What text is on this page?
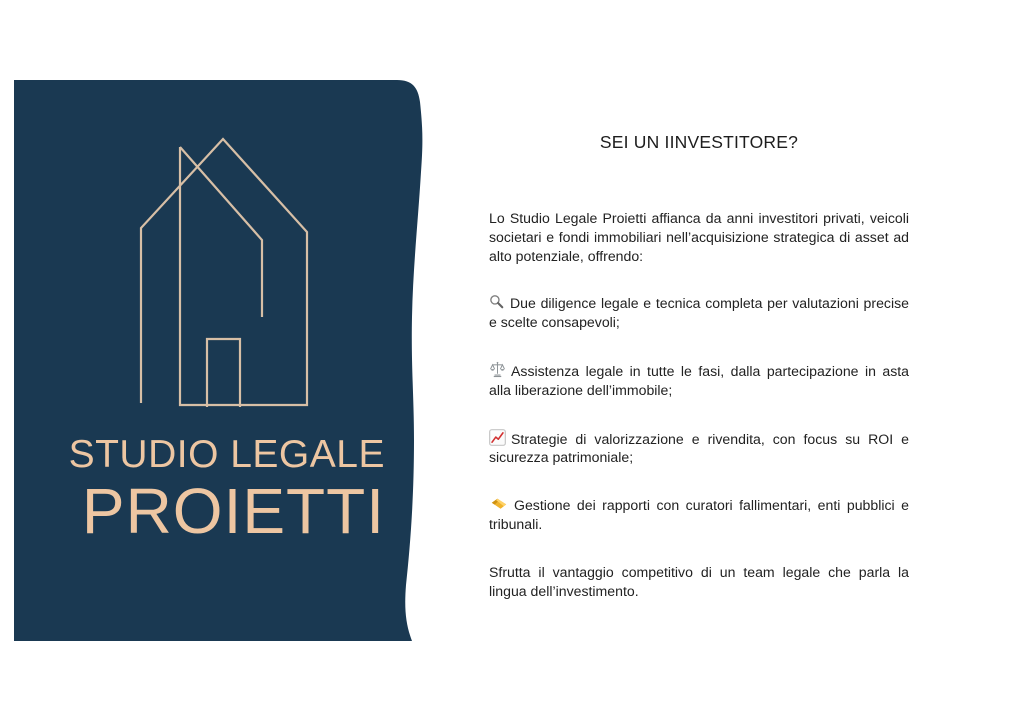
STUDIO LEGALE
PROIETTI
SEI UN IINVESTITORE?

Lo Studio Legale Proietti affianca da anni investitori privati, veicoli societari e fondi immobiliari nell’acquisizione strategica di asset ad alto potenziale, offrendo:

Due diligence legale e tecnica completa per valutazioni precise e scelte consapevoli;

Assistenza legale in tutte le fasi, dalla partecipazione in asta alla liberazione dell’immobile;

Strategie di valorizzazione e rivendita, con focus su ROI e sicurezza patrimoniale;

Gestione dei rapporti con curatori fallimentari, enti pubblici e tribunali.

Sfrutta il vantaggio competitivo di un team legale che parla la lingua dell’investimento.
